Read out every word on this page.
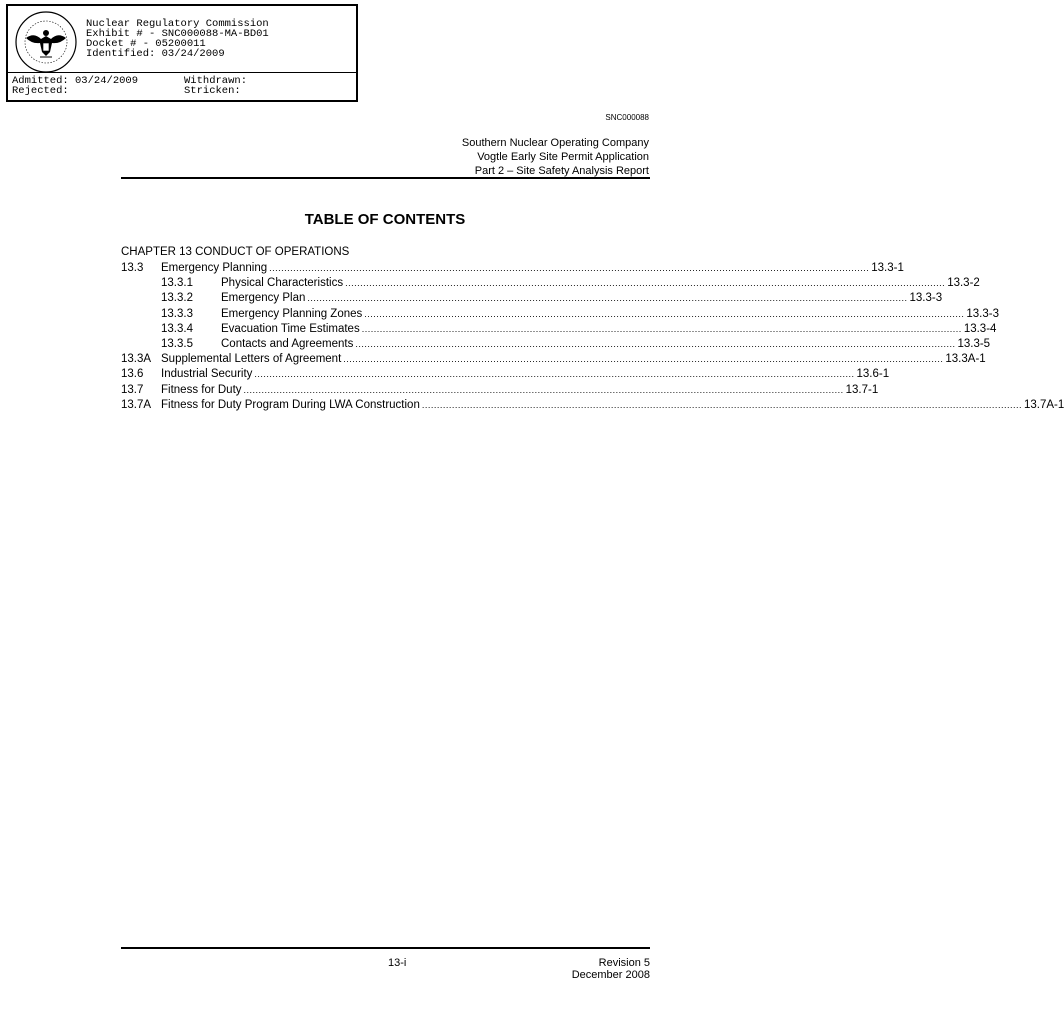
Nuclear Regulatory Commission
Exhibit # - SNC000088-MA-BD01
Docket # - 05200011
Identified: 03/24/2009
Admitted: 03/24/2009	Withdrawn:
Rejected:	Stricken:
SNC000088
Southern Nuclear Operating Company
Vogtle Early Site Permit Application
Part 2 – Site Safety Analysis Report
TABLE OF CONTENTS
CHAPTER 13 CONDUCT OF OPERATIONS
13.3	Emergency Planning ........................................................................................................................................................................................................ 13.3-1
13.3.1	Physical Characteristics ........................................................................................................................................................................................................ 13.3-2
13.3.2	Emergency Plan ........................................................................................................................................................................................................ 13.3-3
13.3.3	Emergency Planning Zones ........................................................................................................................................................................................................ 13.3-3
13.3.4	Evacuation Time Estimates ........................................................................................................................................................................................................ 13.3-4
13.3.5	Contacts and Agreements ........................................................................................................................................................................................................ 13.3-5
13.3A Supplemental Letters of Agreement ........................................................................................................................................................................................................ 13.3A-1
13.6	Industrial Security ........................................................................................................................................................................................................ 13.6-1
13.7	Fitness for Duty ........................................................................................................................................................................................................ 13.7-1
13.7A Fitness for Duty Program During LWA Construction ........................................................................................................................................................................................................ 13.7A-1
13-i	Revision 5
December 2008
